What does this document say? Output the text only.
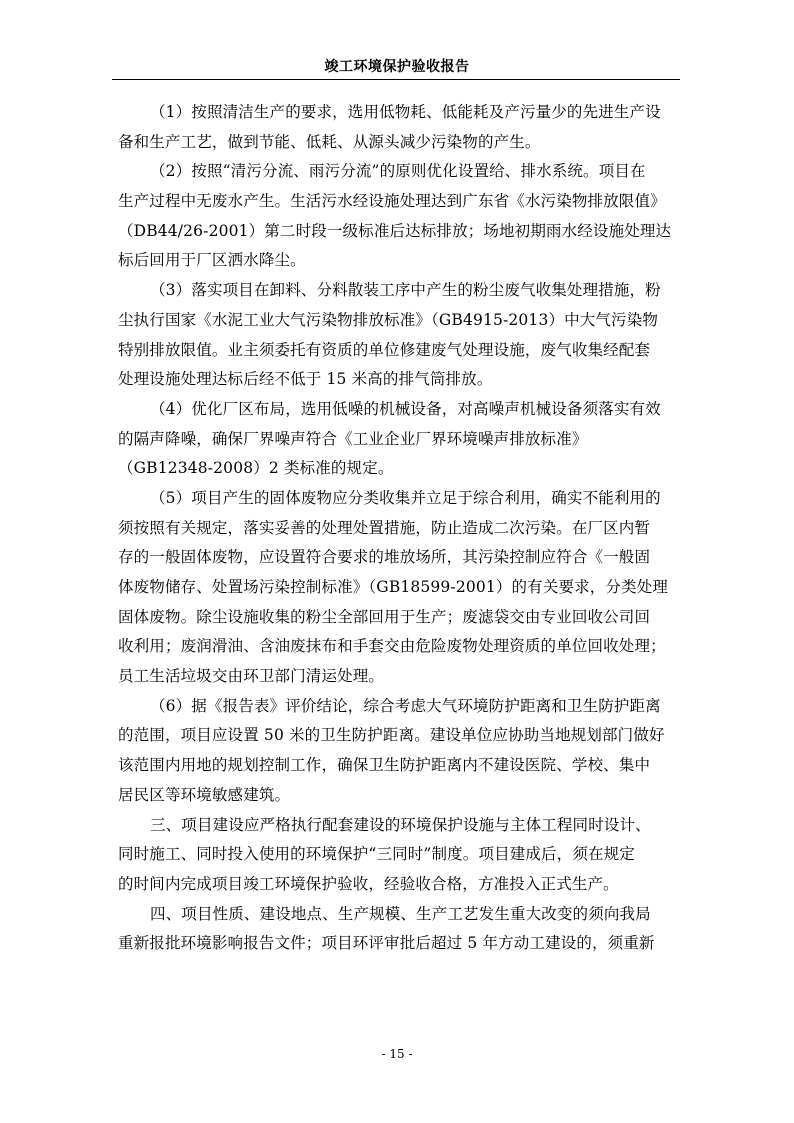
竣工环境保护验收报告
（1）按照清洁生产的要求，选用低物耗、低能耗及产污量少的先进生产设
备和生产工艺，做到节能、低耗、从源头减少污染物的产生。
（2）按照“清污分流、雨污分流”的原则优化设置给、排水系统。项目在
生产过程中无废水产生。生活污水经设施处理达到广东省《水污染物排放限值》
（DB44/26-2001）第二时段一级标准后达标排放；场地初期雨水经设施处理达
标后回用于厂区洒水降尘。
（3）落实项目在卸料、分料散装工序中产生的粉尘废气收集处理措施，粉
尘执行国家《水泥工业大气污染物排放标准》（GB4915-2013）中大气污染物
特别排放限值。业主须委托有资质的单位修建废气处理设施，废气收集经配套
处理设施处理达标后经不低于 15 米高的排气筒排放。
（4）优化厂区布局，选用低噪的机械设备，对高噪声机械设备须落实有效
的隔声降噪，确保厂界噪声符合《工业企业厂界环境噪声排放标准》
（GB12348-2008）2 类标准的规定。
（5）项目产生的固体废物应分类收集并立足于综合利用，确实不能利用的
须按照有关规定，落实妥善的处理处置措施，防止造成二次污染。在厂区内暂
存的一般固体废物，应设置符合要求的堆放场所，其污染控制应符合《一般固
体废物储存、处置场污染控制标准》（GB18599-2001）的有关要求，分类处理
固体废物。除尘设施收集的粉尘全部回用于生产；废滤袋交由专业回收公司回
收利用；废润滑油、含油废抹布和手套交由危险废物处理资质的单位回收处理；
员工生活垃圾交由环卫部门清运处理。
（6）据《报告表》评价结论，综合考虑大气环境防护距离和卫生防护距离
的范围，项目应设置 50 米的卫生防护距离。建设单位应协助当地规划部门做好
该范围内用地的规划控制工作，确保卫生防护距离内不建设医院、学校、集中
居民区等环境敏感建筑。
三、项目建设应严格执行配套建设的环境保护设施与主体工程同时设计、
同时施工、同时投入使用的环境保护“三同时”制度。项目建成后，须在规定
的时间内完成项目竣工环境保护验收，经验收合格，方准投入正式生产。
四、项目性质、建设地点、生产规模、生产工艺发生重大改变的须向我局
重新报批环境影响报告文件；项目环评审批后超过 5 年方动工建设的，须重新
- 15 -
